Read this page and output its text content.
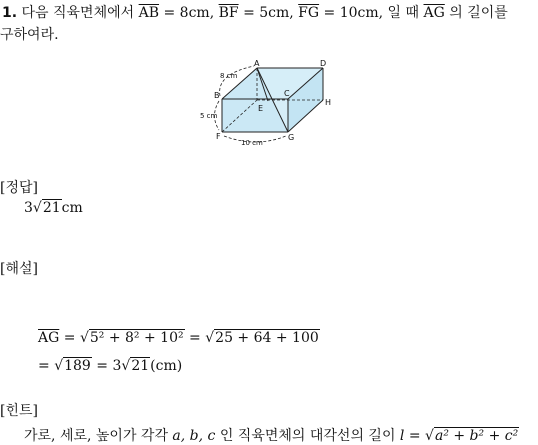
1. 다음 직육면체에서 $\overline{AB} = 8cm$, $\overline{BF} = 5cm$, $\overline{FG} = 10cm$, 일 때 $\overline{AG}$ 의 길이를
구하여라.
A	D
B	C
H
E
F	G
8 cm
5 cm
10 cm
[정답]
3√21cm
[해설]
$\overline{AG} = √5^2 + 8^2 + 10^2 = √25 + 64 + 100$
= √189 = 3√21(cm)
[힌트]
가로, 세로, 높이가 각각 a, b, c 인 직육면체의 대각선의 길이 l = √a² + b² + c²
